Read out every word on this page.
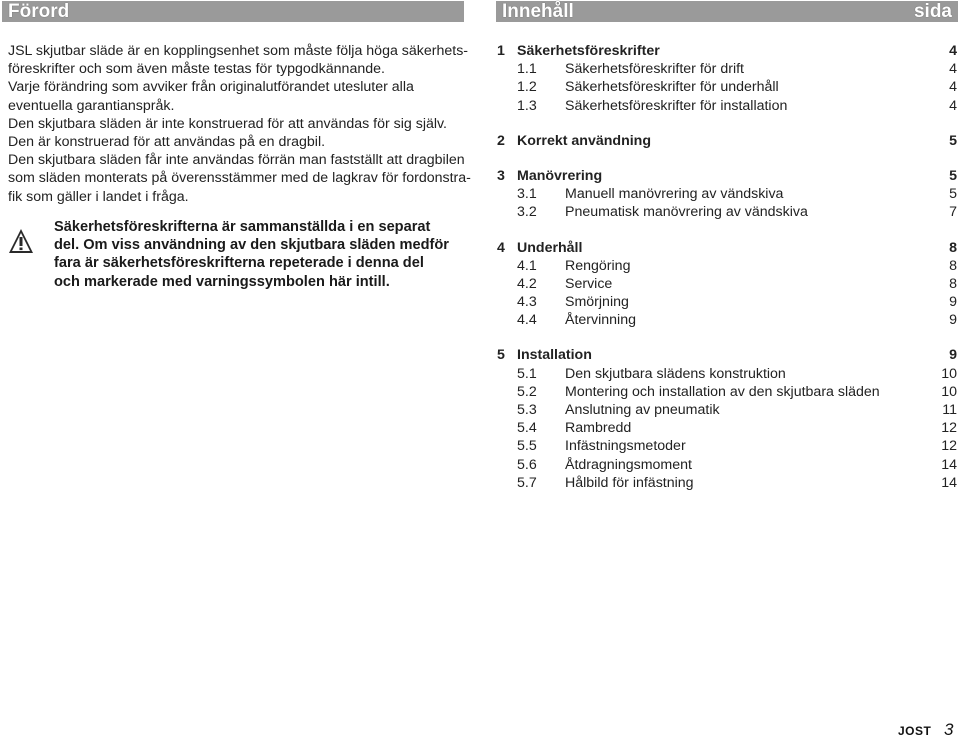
Förord	Innehåll	sida
JSL skjutbar släde är en kopplingsenhet som måste följa höga säkerhets-
föreskrifter och som även måste testas för typgodkännande.
Varje förändring som avviker från originalutförandet utesluter alla
eventuella garantianspråk.
Den skjutbara släden är inte konstruerad för att användas för sig själv.
Den är konstruerad för att användas på en dragbil.
Den skjutbara släden får inte användas förrän man fastställt att dragbilen
som släden monterats på överensstämmer med de lagkrav för fordonstra-
fik som gäller i landet i fråga.
Säkerhetsföreskrifterna är sammanställda i en separat
del. Om viss användning av den skjutbara släden medför
fara är säkerhetsföreskrifterna repeterade i denna del
och markerade med varningssymbolen här intill.
1 Säkerhetsföreskrifter	4
1.1 Säkerhetsföreskrifter för drift	4
1.2 Säkerhetsföreskrifter för underhåll	4
1.3 Säkerhetsföreskrifter för installation	4
2 Korrekt användning	5
3 Manövrering	5
3.1 Manuell manövrering av vändskiva	5
3.2 Pneumatisk manövrering av vändskiva	7
4 Underhåll	8
4.1 Rengöring	8
4.2 Service	8
4.3 Smörjning	9
4.4 Återvinning	9
5 Installation	9
5.1 Den skjutbara slädens konstruktion	10
5.2 Montering och installation av den skjutbara släden	10
5.3 Anslutning av pneumatik	11
5.4 Rambredd	12
5.5 Infästningsmetoder	12
5.6 Åtdragningsmoment	14
5.7 Hålbild för infästning	14
JOST 3
